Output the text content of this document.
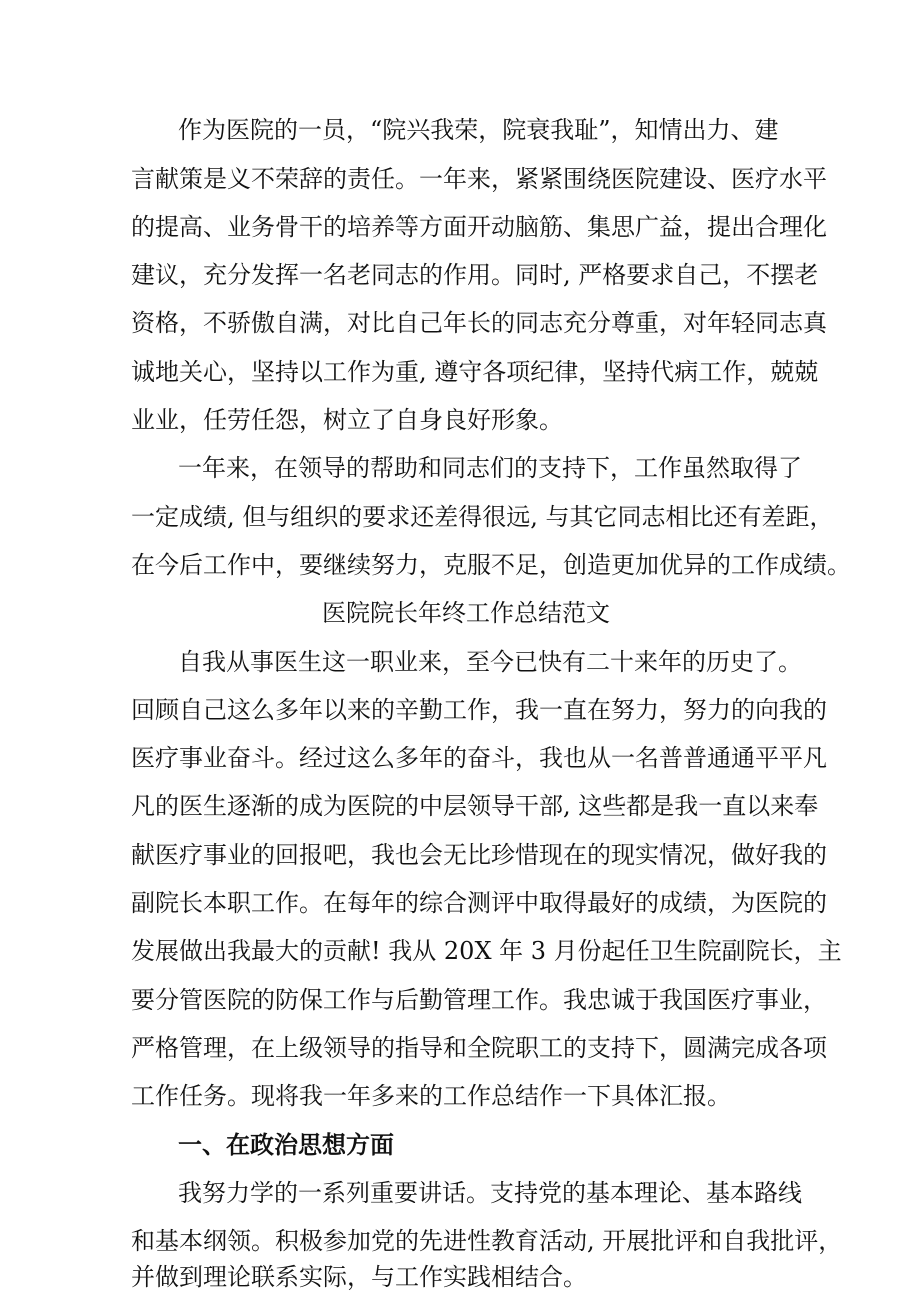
作为医院的一员，“院兴我荣，院衰我耻”，知情出力、建
言献策是义不荣辞的责任。一年来，紧紧围绕医院建设、医疗水平
的提高、业务骨干的培养等方面开动脑筋、集思广益，提出合理化
建议，充分发挥一名老同志的作用。同时, 严格要求自己，不摆老
资格，不骄傲自满，对比自己年长的同志充分尊重，对年轻同志真
诚地关心，坚持以工作为重, 遵守各项纪律，坚持代病工作，兢兢
业业，任劳任怨，树立了自身良好形象。
一年来，在领导的帮助和同志们的支持下，工作虽然取得了
一定成绩, 但与组织的要求还差得很远, 与其它同志相比还有差距，
在今后工作中，要继续努力，克服不足，创造更加优异的工作成绩。
医院院长年终工作总结范文
自我从事医生这一职业来，至今已快有二十来年的历史了。
回顾自己这么多年以来的辛勤工作，我一直在努力，努力的向我的
医疗事业奋斗。经过这么多年的奋斗，我也从一名普普通通平平凡
凡的医生逐渐的成为医院的中层领导干部, 这些都是我一直以来奉
献医疗事业的回报吧，我也会无比珍惜现在的现实情况，做好我的
副院长本职工作。在每年的综合测评中取得最好的成绩，为医院的
发展做出我最大的贡献! 我从 20X 年 3 月份起任卫生院副院长，主
要分管医院的防保工作与后勤管理工作。我忠诚于我国医疗事业，
严格管理，在上级领导的指导和全院职工的支持下，圆满完成各项
工作任务。现将我一年多来的工作总结作一下具体汇报。
一、在政治思想方面
我努力学的一系列重要讲话。支持党的基本理论、基本路线
和基本纲领。积极参加党的先进性教育活动, 开展批评和自我批评，
并做到理论联系实际，与工作实践相结合。
